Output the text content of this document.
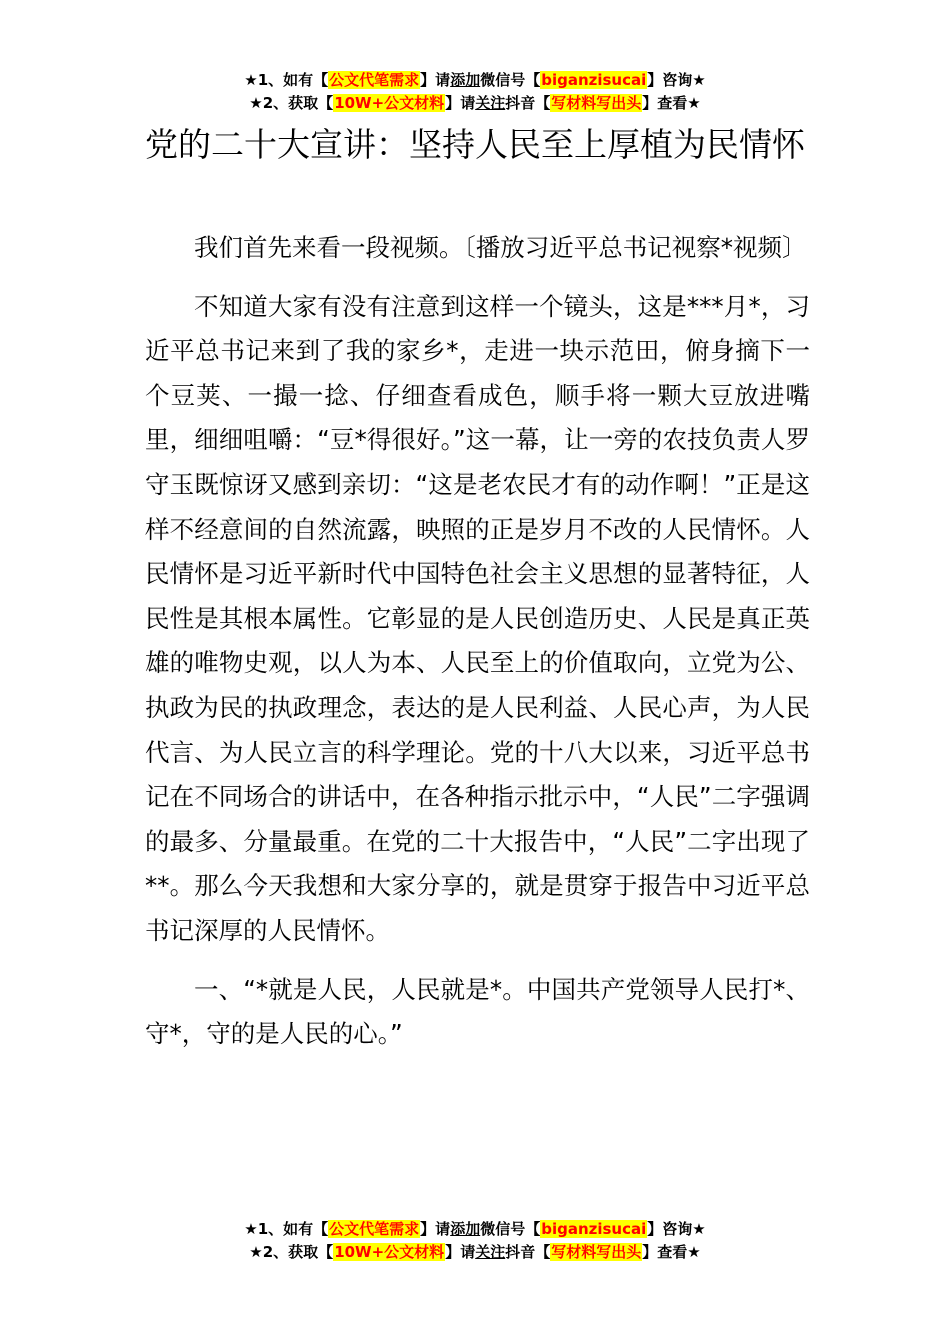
★1、如有【公文代笔需求】请添加微信号【biganzisucai】咨询★
★2、获取【10W+公文材料】请关注抖音【写材料写出头】查看★
党的二十大宣讲：坚持人民至上厚植为民情怀

我们首先来看一段视频。〔播放习近平总书记视察*视频〕

不知道大家有没有注意到这样一个镜头，这是***月*，习近平总书记来到了我的家乡*，走进一块示范田，俯身摘下一个豆荚、一撮一捻、仔细查看成色，顺手将一颗大豆放进嘴里，细细咀嚼：“豆*得很好。”这一幕，让一旁的农技负责人罗守玉既惊讶又感到亲切：“这是老农民才有的动作啊！”正是这样不经意间的自然流露，映照的正是岁月不改的人民情怀。人民情怀是习近平新时代中国特色社会主义思想的显著特征，人民性是其根本属性。它彰显的是人民创造历史、人民是真正英雄的唯物史观，以人为本、人民至上的价值取向，立党为公、执政为民的执政理念，表达的是人民利益、人民心声，为人民代言、为人民立言的科学理论。党的十八大以来，习近平总书记在不同场合的讲话中，在各种指示批示中，“人民”二字强调的最多、分量最重。在党的二十大报告中，“人民”二字出现了**。那么今天我想和大家分享的，就是贯穿于报告中习近平总书记深厚的人民情怀。

一、“*就是人民，人民就是*。中国共产党领导人民打*、守*，守的是人民的心。”

★1、如有【公文代笔需求】请添加微信号【biganzisucai】咨询★
★2、获取【10W+公文材料】请关注抖音【写材料写出头】查看★
